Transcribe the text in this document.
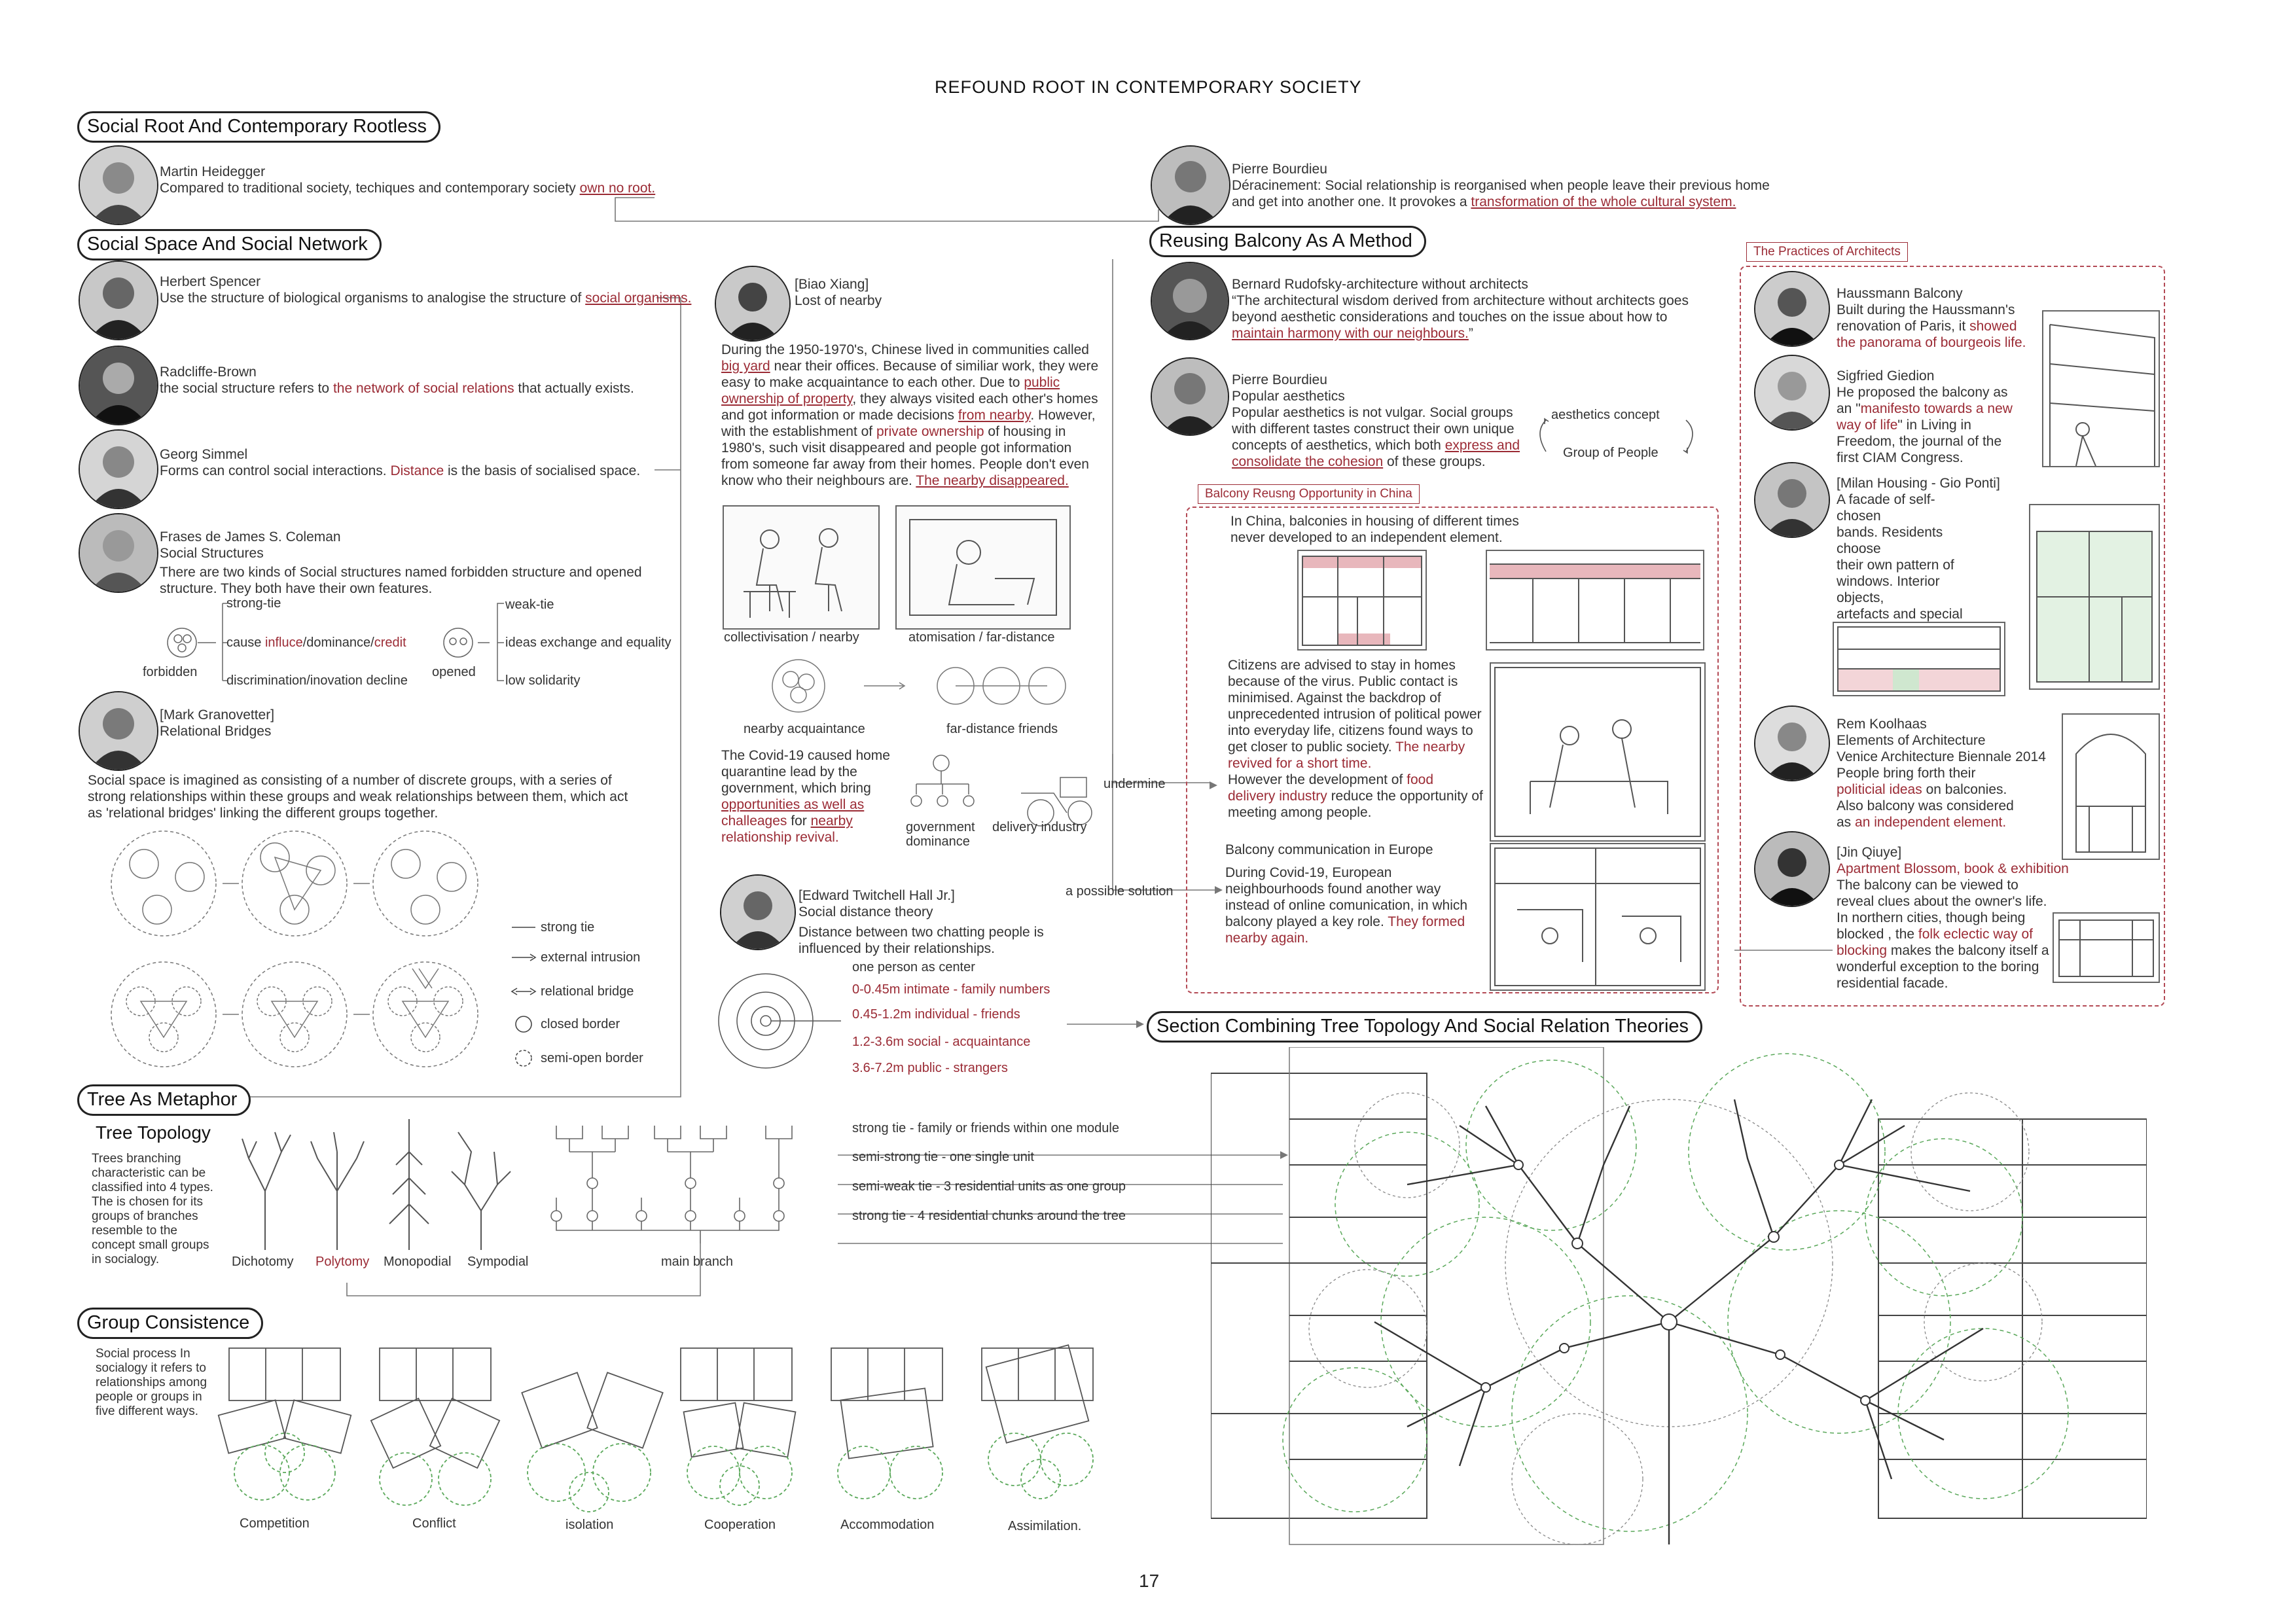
REFOUND ROOT IN CONTEMPORARY SOCIETY
Social Root And Contemporary Rootless
Social Space And Social Network	Reusing Balcony As A Method
Section Combining Tree Topology And Social Relation Theories
Tree As Metaphor
Group Consistence
Martin Heidegger
Compared to traditional society, techiques and contemporary society own no root.
Pierre Bourdieu
Déracinement: Social relationship is reorganised when people leave their previous home
and get into another one. It provokes a transformation of the whole cultural system.
Herbert Spencer
Use the structure of biological organisms to analogise the structure of social organisms.
Radcliffe-Brown
the social structure refers to the network of social relations that actually exists.
Georg Simmel
Forms can control social interactions. Distance is the basis of socialised space.
Frases de James S. Coleman
Social Structures
There are two kinds of Social structures named forbidden structure and opened
structure. They both have their own features.
strong-tie
cause influce/dominance/credit
discrimination/inovation decline
forbidden	opened
weak-tie
ideas exchange and equality
low solidarity
[Mark Granovetter]
Relational Bridges
Social space is imagined as consisting of a number of discrete groups, with a series of
strong relationships within these groups and weak relationships between them, which act
as 'relational bridges' linking the different groups together.
strong tie
external intrusion
relational bridge
closed border
semi-open border
[Biao Xiang]
Lost of nearby
During the 1950-1970's, Chinese lived in communities called
big yard near their offices. Because of similiar work, they were
easy to make acquaintance to each other. Due to public
ownership of property, they always visited each other's homes
and got information or made decisions from nearby. However,
with the establishment of private ownership of housing in
1980's, such visit disappeared and people got information
from someone far away from their homes. People don't even
know who their neighbours are. The nearby disappeared.
collectivisation / nearby	atomisation / far-distance
nearby acquaintance	far-distance friends
The Covid-19 caused home
quarantine lead by the
government, which bring
opportunities as well as
challeages for nearby
relationship revival.
government
dominance
delivery industry
undermine
a possible solution
[Edward Twitchell Hall Jr.]
Social distance theory
Distance between two chatting people is
influenced by their relationships.
one person as center
0-0.45m intimate - family numbers
0.45-1.2m individual - friends
1.2-3.6m social - acquaintance
3.6-7.2m public - strangers
Bernard Rudofsky-architecture without architects
“The architectural wisdom derived from architecture without architects goes
beyond aesthetic considerations and touches on the issue about how to
maintain harmony with our neighbours.”
Pierre Bourdieu
Popular aesthetics
Popular aesthetics is not vulgar. Social groups
with different tastes construct their own unique
concepts of aesthetics, which both express and
consolidate the cohesion of these groups.
aesthetics concept
Group of People
Balcony Reusng Opportunity in China
In China, balconies in housing of different times
never developed to an independent element.
Citizens are advised to stay in homes
because of the virus. Public contact is
minimised. Against the backdrop of
unprecedented intrusion of political power
into everyday life, citizens found ways to
get closer to public society. The nearby
revived for a short time.
However the development of food
delivery industry reduce the opportunity of
meeting among people.
Balcony communication in Europe
During Covid-19, European
neighbourhoods found another way
instead of online comunication, in which
balcony played a key role. They formed
nearby again.
The Practices of Architects
Haussmann Balcony
Built during the Haussmann's
renovation of Paris, it showed
the panorama of bourgeois life.
Sigfried Giedion
He proposed the balcony as
an "manifesto towards a new
way of life" in Living in
Freedom, the journal of the
first CIAM Congress.
[Milan Housing - Gio Ponti]
A facade of self-chosen
bands. Residents choose
their own pattern of
windows. Interior objects,
artefacts and special
Rem Koolhaas
Elements of Architecture
Venice Architecture Biennale 2014
People bring forth their
politicial ideas on balconies.
Also balcony was considered
as an independent element.
[Jin Qiuye]
Apartment Blossom, book & exhibition
The balcony can be viewed to
reveal clues about the owner's life.
In northern cities, though being
blocked , the folk eclectic way of
blocking makes the balcony itself a
wonderful exception to the boring
residential facade.
Tree Topology
Trees branching
characteristic can be
classified into 4 types.
The is chosen for its
groups of branches
resemble to the
concept small groups
in socialogy.	Dichotomy Polytomy Monopodial Sympodial	main branch
strong tie - family or friends within one module
semi-strong tie - one single unit
semi-weak tie - 3 residential units as one group
strong tie - 4 residential chunks around the tree
Social process In
socialogy it refers to
relationships among
people or groups in
five different ways.
Competition	Conflict	isolation	Cooperation	Accommodation	Assimilation.
17
